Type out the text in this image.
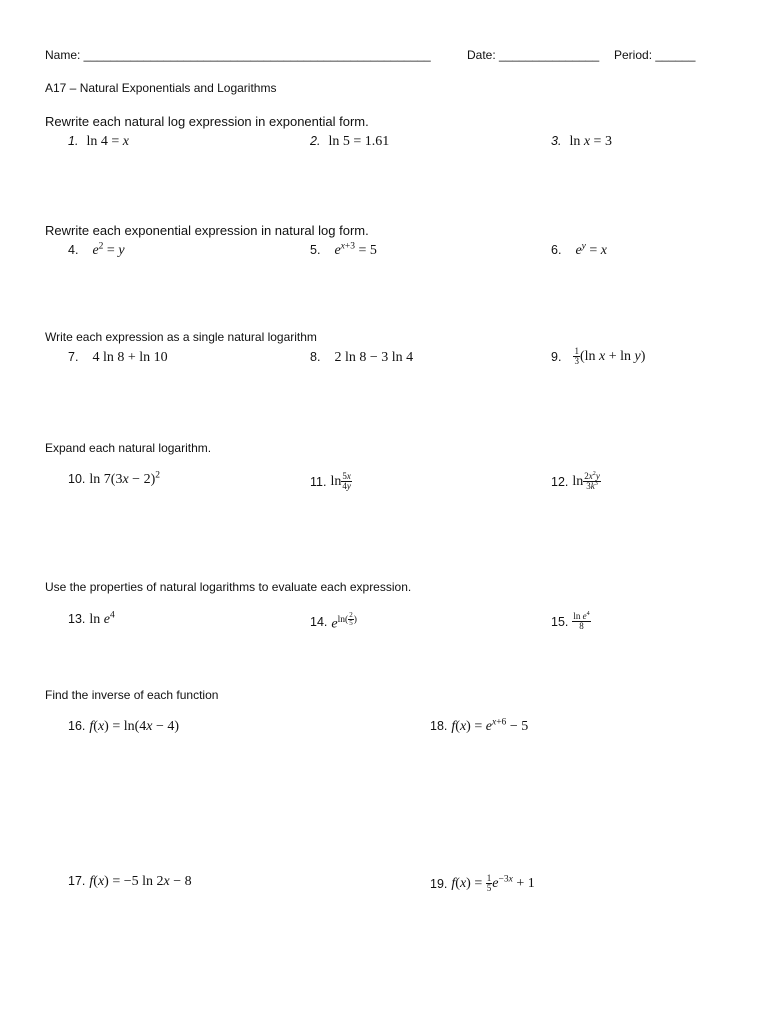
Name: ____________________________________________________	Date: _______________ Period: ______
A17 – Natural Exponentials and Logarithms
Rewrite each natural log expression in exponential form.
1. ln 4 = x	2. ln 5 = 1.61	3. ln x = 3
Rewrite each exponential expression in natural log form.
4. $e^2 = y$	5. $e^{x+3} = 5$	6. $e^y = x$
Write each expression as a single natural logarithm
7. 4 ln 8 + ln 10	8. 2 ln 8 − 3 ln 4	9. $\frac{1}{3} (\ln$ x + ln y)
Expand each natural logarithm.
10. $\ln 7(3x - 2)^2$	11. $\ln \frac{5x}{4y}$	12. $\ln \frac{2x^2y}{3k^3}$
Use the properties of natural logarithms to evaluate each expression.
13. $\ln e^4$	14. $e^{ln( \frac{2}{5} )}$	15. $\frac{\ln e^4}{8}$
Find the inverse of each function
16. f(x) = ln(4x − 4)	18. $f(x) = e^{x+6} - 5$
17. f(x) = −5 ln 2x − 8	19. $f(x) = \frac{1}{5} e^{-3x} + 1$
